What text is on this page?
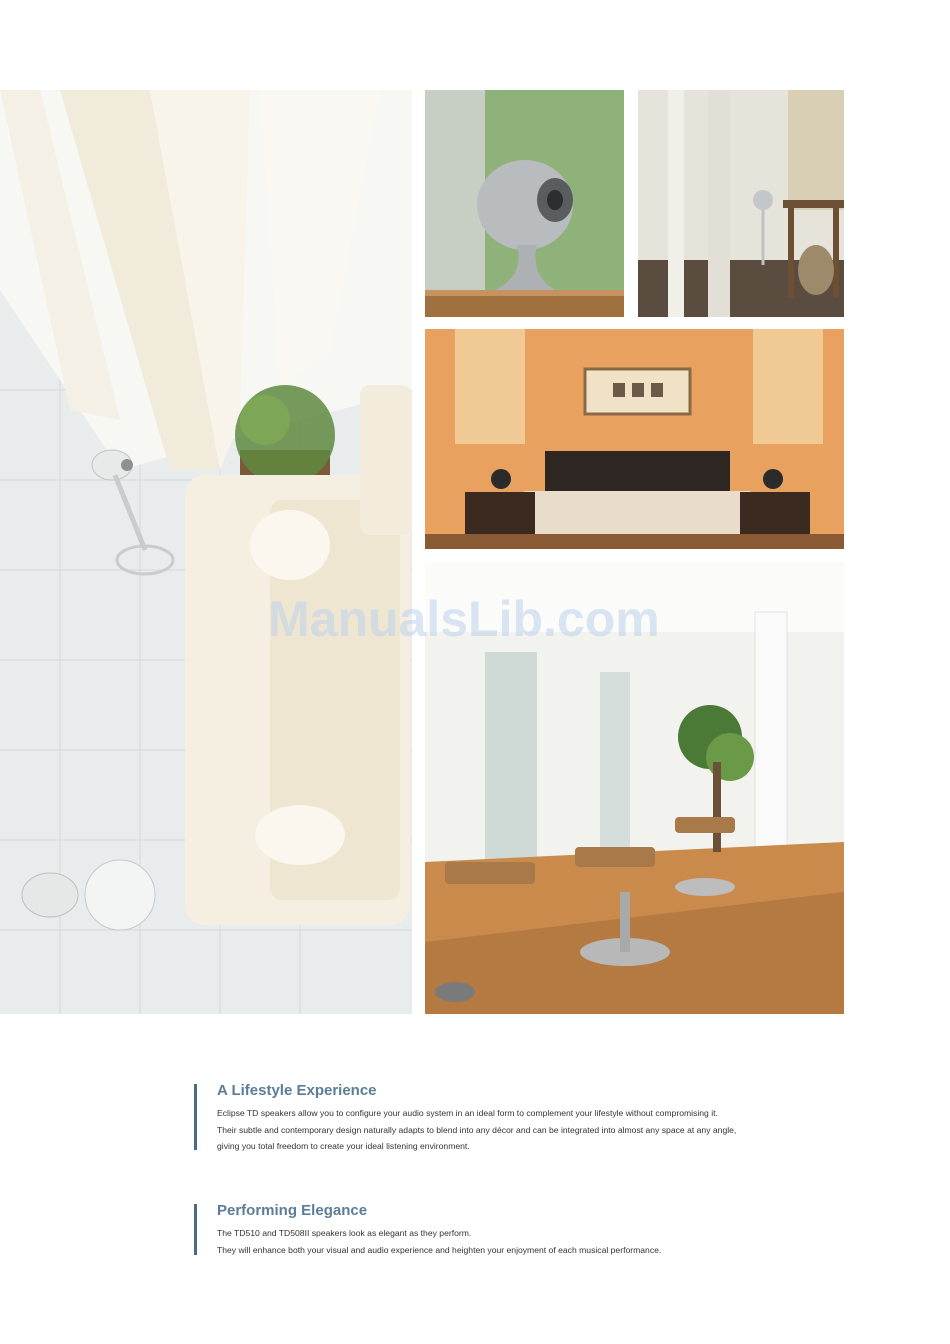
ManualsLib.com
A Lifestyle Experience

Eclipse TD speakers allow you to configure your audio system in an ideal form to complement your lifestyle without compromising it.
Their subtle and contemporary design naturally adapts to blend into any décor and can be integrated into almost any space at any angle,
giving you total freedom to create your ideal listening environment.

Performing Elegance

The TD510 and TD508II speakers look as elegant as they perform.
They will enhance both your visual and audio experience and heighten your enjoyment of each musical performance.
